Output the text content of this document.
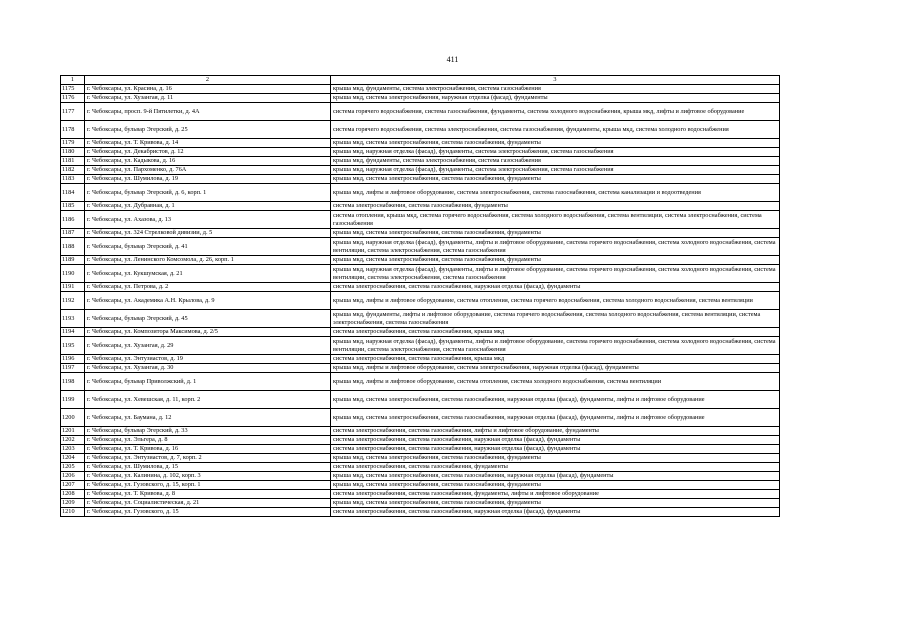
411
1	2	3
1175	г. Чебоксары, ул. Красина, д. 16	крыша мкд, фундаменты, система электроснабжения, система газоснабжения
1176	г. Чебоксары, ул. Хузангая, д. 11	крыша мкд, система электроснабжения, наружная отделка (фасад), фундаменты
1177	г. Чебоксары, просп. 9-й Пятилетки, д. 4А	система горячего водоснабжения, система газоснабжения, фундаменты, система холодного водоснабжения, крыша мкд, лифты и лифтовое оборудование
1178	г. Чебоксары, бульвар Эгерский, д. 25	система горячего водоснабжения, система электроснабжения, система газоснабжения, фундаменты, крыша мкд, система холодного водоснабжения
1179	г. Чебоксары, ул. Т. Кривова, д. 14	крыша мкд, система электроснабжения, система газоснабжения, фундаменты
1180	г. Чебоксары, ул. Декабристов, д. 12	крыша мкд, наружная отделка (фасад), фундаменты, система электроснабжения, система газоснабжения
1181	г. Чебоксары, ул. Кадыкова, д. 16	крыша мкд, фундаменты, система электроснабжения, система газоснабжения
1182	г. Чебоксары, ул. Пархоменко, д. 76А	крыша мкд, наружная отделка (фасад), фундаменты, система электроснабжения, система газоснабжения
1183	г. Чебоксары, ул. Шумилова, д. 19	крыша мкд, система электроснабжения, система газоснабжения, фундаменты
1184	г. Чебоксары, бульвар Эгерский, д. 6, корп. 1	крыша мкд, лифты и лифтовое оборудование, система электроснабжения, система газоснабжения, система канализации и водоотведения
1185	г. Чебоксары, ул. Дубравная, д. 1	система электроснабжения, система газоснабжения, фундаменты
1186	г. Чебоксары, ул. Ахазова, д. 13	система отопления, крыша мкд, система горячего водоснабжения, система холодного водоснабжения, система вентиляции, система электроснабжения, система газоснабжения
1187	г. Чебоксары, ул. 324 Стрелковой дивизии, д. 5	крыша мкд, система электроснабжения, система газоснабжения, фундаменты
1188	г. Чебоксары, бульвар Эгерский, д. 41	крыша мкд, наружная отделка (фасад), фундаменты, лифты и лифтовое оборудование, система горячего водоснабжения, система холодного водоснабжения, система вентиляции, система электроснабжения, система газоснабжения
1189	г. Чебоксары, ул. Ленинского Комсомола, д. 26, корп. 1	крыша мкд, система электроснабжения, система газоснабжения, фундаменты
1190	г. Чебоксары, ул. Кукшумская, д. 21	крыша мкд, наружная отделка (фасад), фундаменты, лифты и лифтовое оборудование, система горячего водоснабжения, система холодного водоснабжения, система вентиляции, система электроснабжения, система газоснабжения
1191	г. Чебоксары, ул. Петрова, д. 2	система электроснабжения, система газоснабжения, наружная отделка (фасад), фундаменты
1192	г. Чебоксары, ул. Академика А.Н. Крылова, д. 9	крыша мкд, лифты и лифтовое оборудование, система отопления, система горячего водоснабжения, система холодного водоснабжения, система вентиляции
1193	г. Чебоксары, бульвар Эгерский, д. 45	крыша мкд, фундаменты, лифты и лифтовое оборудование, система горячего водоснабжения, система холодного водоснабжения, система вентиляции, система электроснабжения, система газоснабжения
1194	г. Чебоксары, ул. Композитора Максимова, д. 2/5	система электроснабжения, система газоснабжения, крыша мкд
1195	г. Чебоксары, ул. Хузангая, д. 29	крыша мкд, наружная отделка (фасад), фундаменты, лифты и лифтовое оборудование, система горячего водоснабжения, система холодного водоснабжения, система вентиляции, система электроснабжения, система газоснабжения
1196	г. Чебоксары, ул. Энтузиастов, д. 19	система электроснабжения, система газоснабжения, крыша мкд
1197	г. Чебоксары, ул. Хузангая, д. 30	крыша мкд, лифты и лифтовое оборудование, система электроснабжения, наружная отделка (фасад), фундаменты
1198	г. Чебоксары, бульвар Приволжский, д. 1	крыша мкд, лифты и лифтовое оборудование, система отопления, система холодного водоснабжения, система вентиляции
1199	г. Чебоксары, ул. Хевешская, д. 11, корп. 2	крыша мкд, система электроснабжения, система газоснабжения, наружная отделка (фасад), фундаменты, лифты и лифтовое оборудование
1200	г. Чебоксары, ул. Баумана, д. 12	крыша мкд, система электроснабжения, система газоснабжения, наружная отделка (фасад), фундаменты, лифты и лифтовое оборудование
1201	г. Чебоксары, бульвар Эгерский, д. 33	система электроснабжения, система газоснабжения, лифты и лифтовое оборудование, фундаменты
1202	г. Чебоксары, ул. Эльгера, д. 8	система электроснабжения, система газоснабжения, наружная отделка (фасад), фундаменты
1203	г. Чебоксары, ул. Т. Кривова, д. 16	система электроснабжения, система газоснабжения, наружная отделка (фасад), фундаменты
1204	г. Чебоксары, ул. Энтузиастов, д. 7, корп. 2	крыша мкд, система электроснабжения, система газоснабжения, фундаменты
1205	г. Чебоксары, ул. Шумилова, д. 15	система электроснабжения, система газоснабжения, фундаменты
1206	г. Чебоксары, ул. Калинина, д. 102, корп. 3	крыша мкд, система электроснабжения, система газоснабжения, наружная отделка (фасад), фундаменты
1207	г. Чебоксары, ул. Гузовского, д. 15, корп. 1	крыша мкд, система электроснабжения, система газоснабжения, фундаменты
1208	г. Чебоксары, ул. Т. Кривова, д. 8	система электроснабжения, система газоснабжения, фундаменты, лифты и лифтовое оборудование
1209	г. Чебоксары, ул. Социалистическая, д. 21	крыша мкд, система электроснабжения, система газоснабжения, фундаменты
1210	г. Чебоксары, ул. Гузовского, д. 15	система электроснабжения, система газоснабжения, наружная отделка (фасад), фундаменты
